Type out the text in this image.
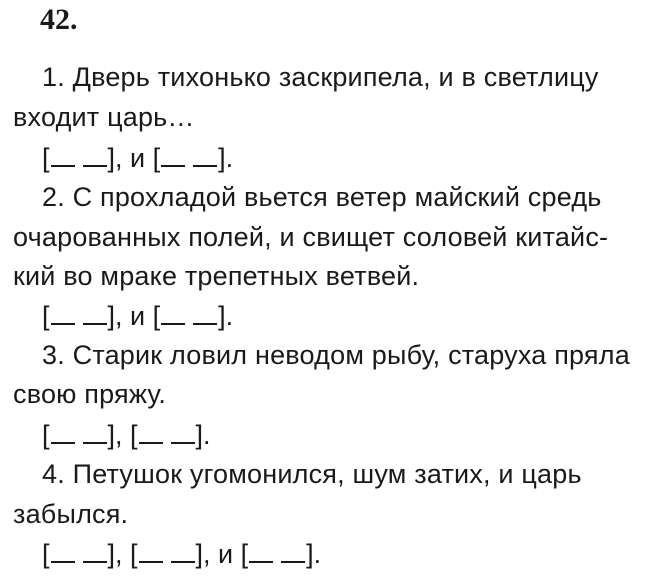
42.
1. Дверь тихонько заскрипела, и в светлицу
входит царь…
[ ], и [ ].
2. С прохладой вьется ветер майский средь
очарованных полей, и свищет соловей китайс-
кий во мраке трепетных ветвей.
[ ], и [ ].
3. Старик ловил неводом рыбу, старуха пряла
свою пряжу.
[ ], [ ].
4. Петушок угомонился, шум затих, и царь
забылся.
[ ], [ ], и [ ].
